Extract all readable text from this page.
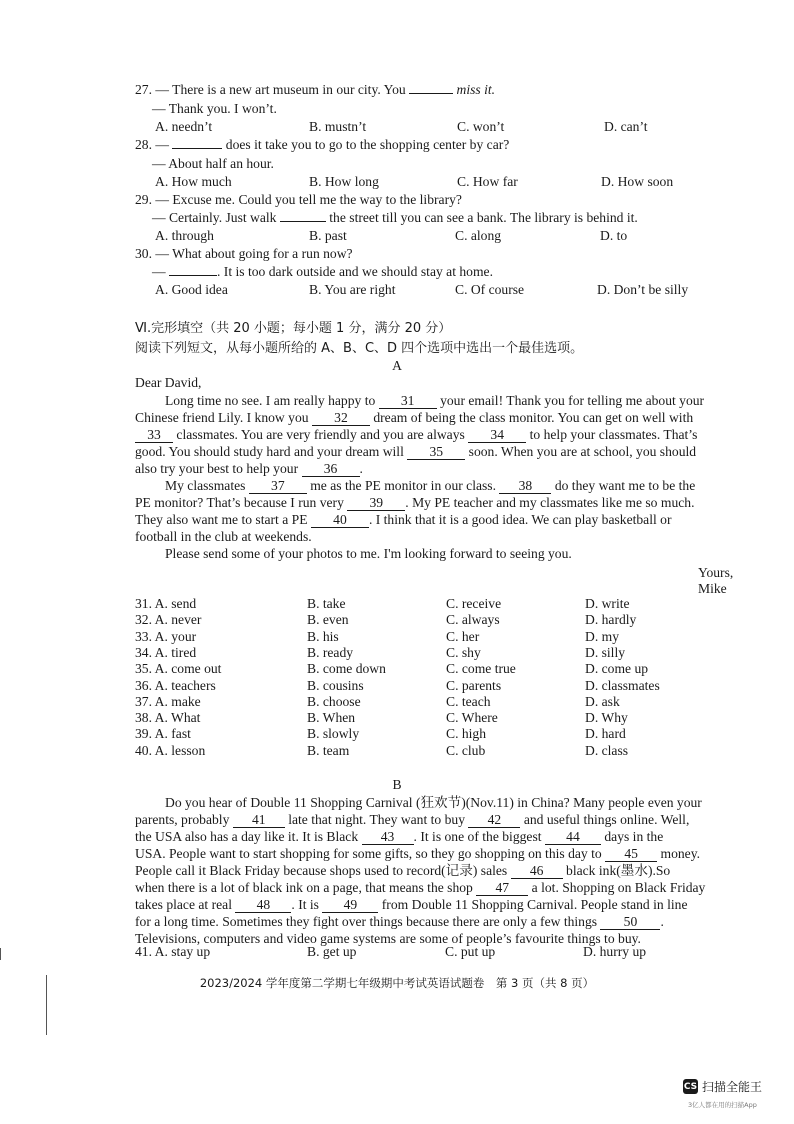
27. — There is a new art museum in our city. You	miss it.
— Thank you. I won’t.
A. needn’t	B. mustn’t	C. won’t	D. can’t
28. —	does it take you to go to the shopping center by car?
— About half an hour.
A. How much	B. How long	C. How far	D. How soon
29. — Excuse me. Could you tell me the way to the library?
— Certainly. Just walk	the street till you can see a bank. The library is behind it.
A. through	B. past	C. along	D. to
30. — What about going for a run now?
—	. It is too dark outside and we should stay at home.
A. Good idea	B. You are right	C. Of course	D. Don’t be silly
Ⅵ.完形填空（共 20 小题；每小题 1 分，满分 20 分）
阅读下列短文，从每小题所给的 A、B、C、D 四个选项中选出一个最佳选项。
A
Dear David,
Long time no see. I am really happy to 31 your email! Thank you for telling me about your
Chinese friend Lily. I know you 32 dream of being the class monitor. You can get on well with
33 classmates. You are very friendly and you are always 34 to help your classmates. That’s
good. You should study hard and your dream will 35 soon. When you are at school, you should
also try your best to help your 36 .
My classmates 37 me as the PE monitor in our class. 38 do they want me to be the
PE monitor? That’s because I run very 39 . My PE teacher and my classmates like me so much.
They also want me to start a PE 40 . I think that it is a good idea. We can play basketball or
football in the club at weekends.
Please send some of your photos to me. I'm looking forward to seeing you.
Yours,
Mike
31. A. send	B. take	C. receive	D. write
32. A. never	B. even	C. always	D. hardly
33. A. your	B. his	C. her	D. my
34. A. tired	B. ready	C. shy	D. silly
35. A. come out	B. come down	C. come true	D. come up
36. A. teachers	B. cousins	C. parents	D. classmates
37. A. make	B. choose	C. teach	D. ask
38. A. What	B. When	C. Where	D. Why
39. A. fast	B. slowly	C. high	D. hard
40. A. lesson	B. team	C. club	D. class
B
Do you hear of Double 11 Shopping Carnival (狂欢节)(Nov.11) in China? Many people even your
parents, probably 41 late that night. They want to buy 42 and useful things online. Well,
the USA also has a day like it. It is Black 43 . It is one of the biggest 44 days in the
USA. People want to start shopping for some gifts, so they go shopping on this day to 45 money.
People call it Black Friday because shops used to record(记录) sales 46 black ink(墨水).So
when there is a lot of black ink on a page, that means the shop 47 a lot. Shopping on Black Friday
takes place at real 48 . It is 49 from Double 11 Shopping Carnival. People stand in line
for a long time. Sometimes they fight over things because there are only a few things 50 .
Televisions, computers and video game systems are some of people’s favourite things to buy.
41. A. stay up	B. get up	C. put up	D. hurry up
2023/2024 学年度第二学期七年级期中考试英语试题卷　第 3 页（共 8 页）
CS 扫描全能王
3亿人都在用的扫描App
